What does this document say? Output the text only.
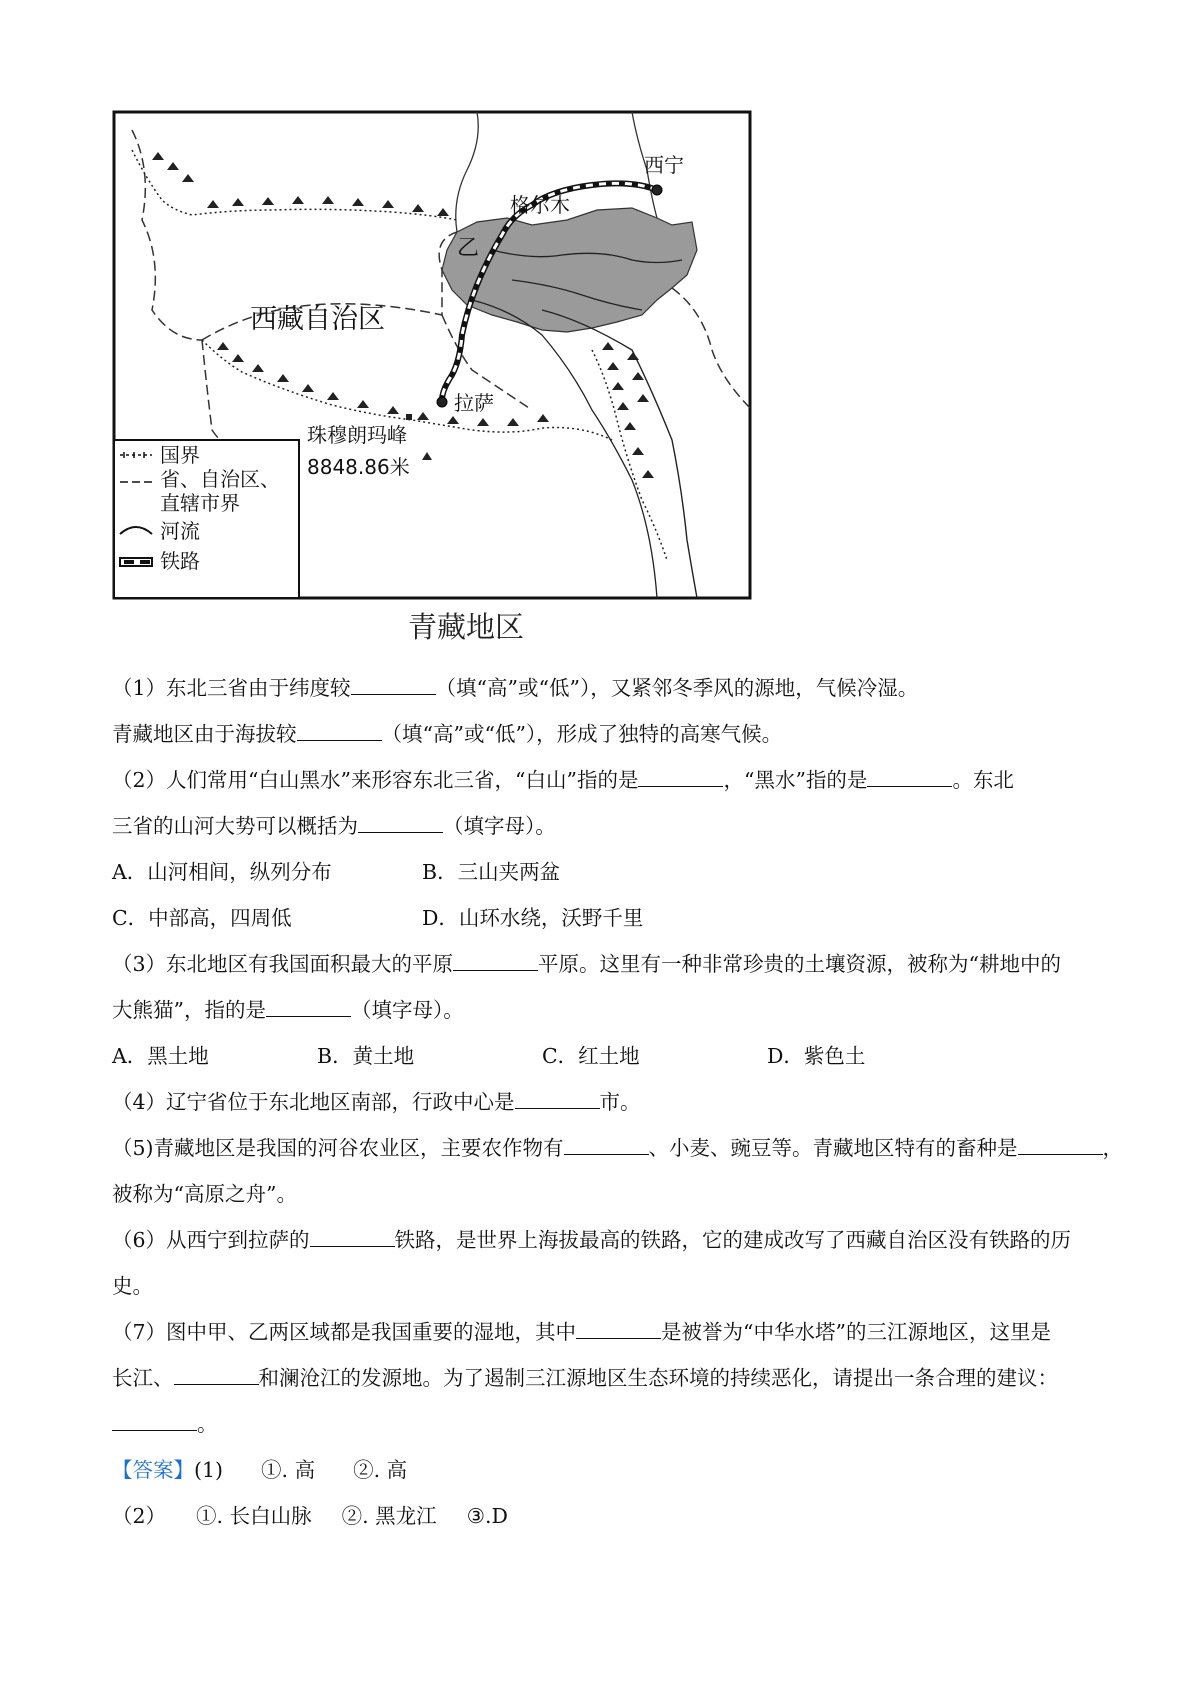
西宁
格尔木
乙
西藏自治区
拉萨
珠穆朗玛峰
8848.86米
国界
省、自治区、
直辖市界
河流
铁路
青藏地区
（1）东北三省由于纬度较	（填“高”或“低”），又紧邻冬季风的源地，气候冷湿。
青藏地区由于海拔较	（填“高”或“低”），形成了独特的高寒气候。
（2）人们常用“白山黑水”来形容东北三省，“白山”指的是	，“黑水”指的是	。东北
三省的山河大势可以概括为	（填字母）。
A．山河相间，纵列分布	B．三山夹两盆
C．中部高，四周低	D．山环水绕，沃野千里
（3）东北地区有我国面积最大的平原	平原。这里有一种非常珍贵的土壤资源，被称为“耕地中的
大熊猫”，指的是	（填字母）。
A．黑土地	B．黄土地	C．红土地	D．紫色土
（4）辽宁省位于东北地区南部，行政中心是	市。
（5)青藏地区是我国的河谷农业区，主要农作物有	、小麦、豌豆等。青藏地区特有的畜种是	，
被称为“高原之舟”。
（6）从西宁到拉萨的	铁路，是世界上海拔最高的铁路，它的建成改写了西藏自治区没有铁路的历
史。
（7）图中甲、乙两区域都是我国重要的湿地，其中	是被誉为“中华水塔”的三江源地区，这里是
长江、	和澜沧江的发源地。为了遏制三江源地区生态环境的持续恶化，请提出一条合理的建议：
。
【答案】(1) ①. 高 ②. 高
（2） ①. 长白山脉 ②. 黑龙江 ③.D
